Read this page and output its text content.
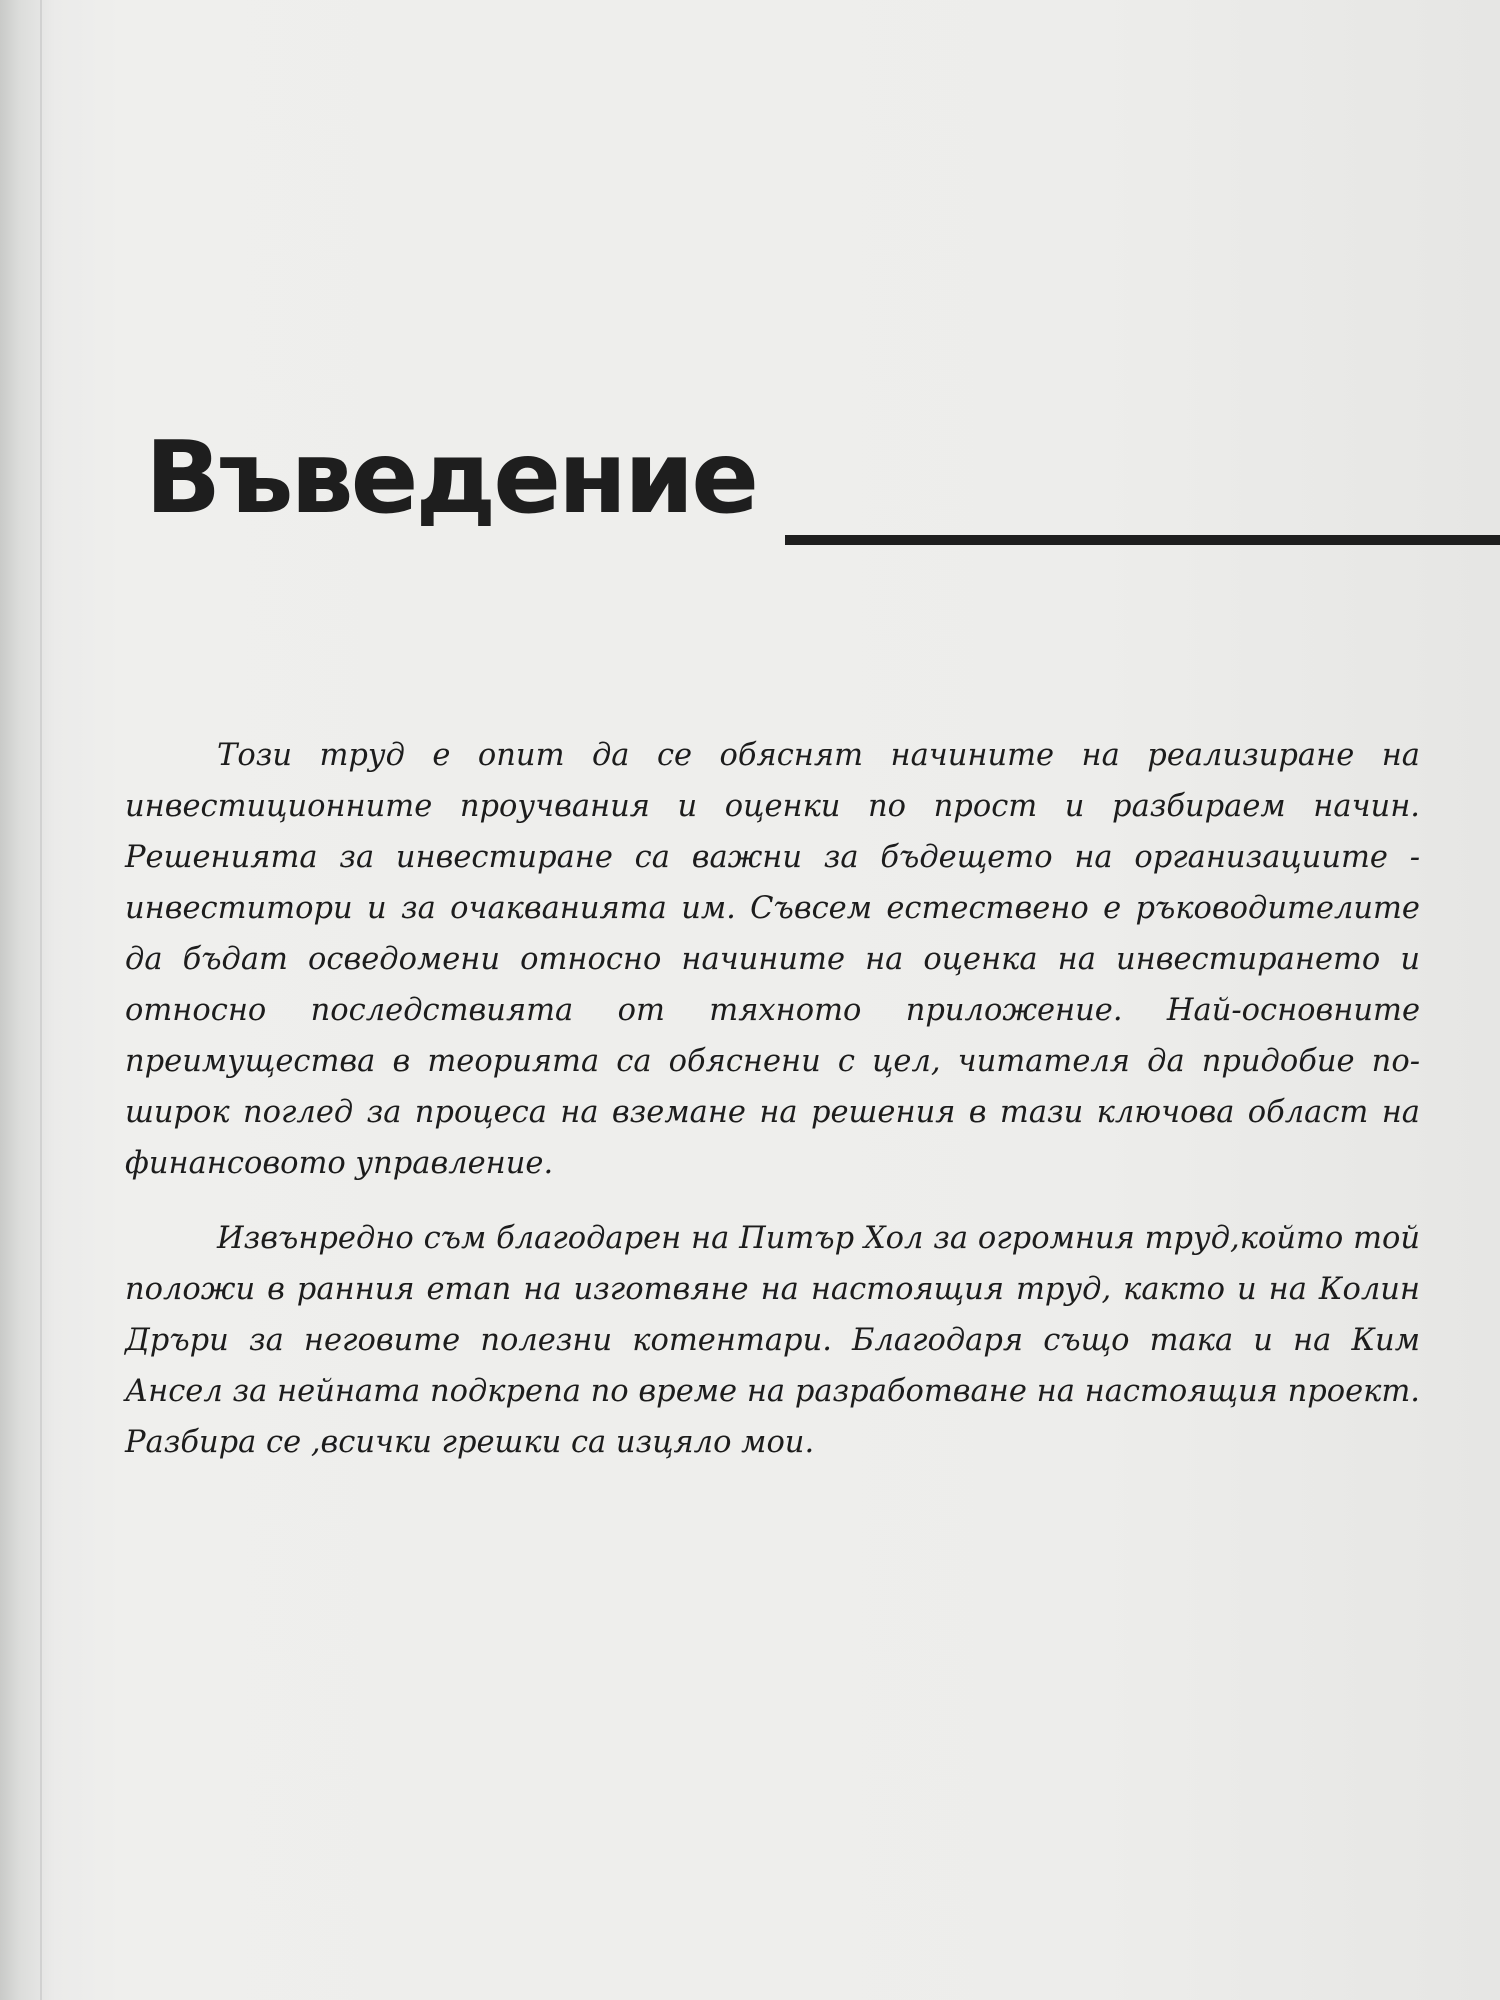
Въведение

Този труд е опит да се обяснят начините на реализиране на инвестиционните проучвания и оценки по прост и разбираем начин. Решенията за инвестиране са важни за бъдещето на организациите - инвеститори и за очакванията им. Съвсем естествено е ръководителите да бъдат осведомени относно начините на оценка на инвестирането и относно последствията от тяхното приложение. Най-основните преимущества в теорията са обяснени с цел, читателя да придобие по-широк поглед за процеса на вземане на решения в тази ключова област на финансовото управление.

Извънредно съм благодарен на Питър Хол за огромния труд,който той положи в ранния етап на изготвяне на настоящия труд, както и на Колин Дръри за неговите полезни коmентари. Благодаря също така и на Ким Ансел за нейната подкрепа по време на разработване на настоящия проект. Разбира се ,всички грешки са изцяло мои.
